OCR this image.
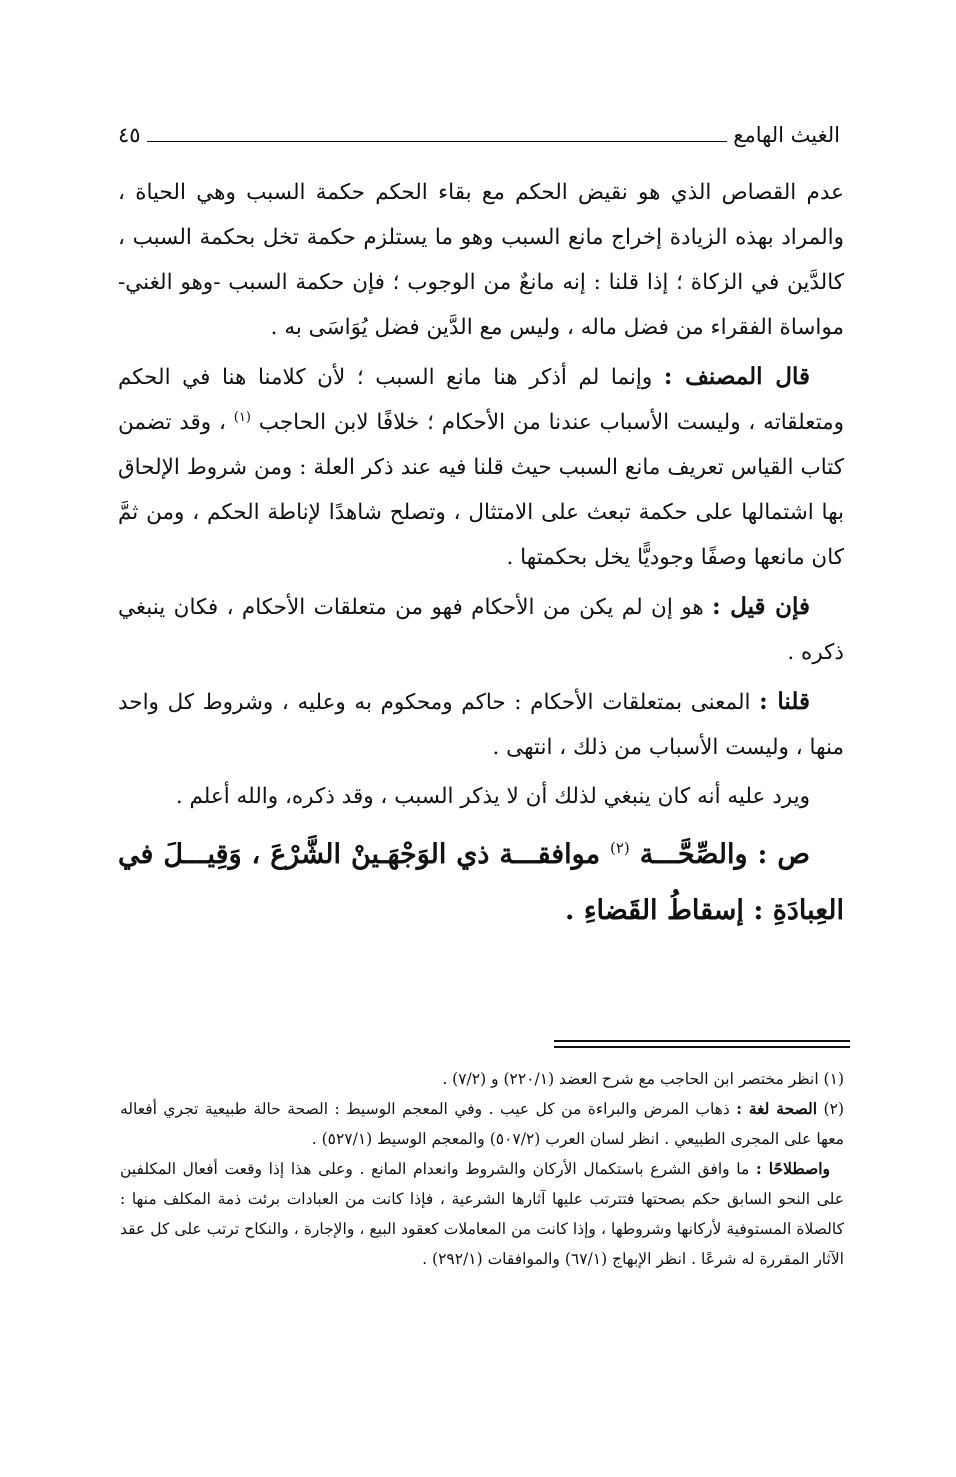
الغيث الهامع
٤٥

عدم القصاص الذي هو نقيض الحكم مع بقاء الحكم حكمة السبب وهي الحياة ، والمراد بهذه الزيادة إخراج مانع السبب وهو ما يستلزم حكمة تخل بحكمة السبب ، كالدَّين في الزكاة ؛ إذا قلنا : إنه مانعٌ من الوجوب ؛ فإن حكمة السبب -وهو الغني- مواساة الفقراء من فضل ماله ، وليس مع الدَّين فضل يُوَاسَى به .

قال المصنف : وإنما لم أذكر هنا مانع السبب ؛ لأن كلامنا هنا في الحكم ومتعلقاته ، وليست الأسباب عندنا من الأحكام ؛ خلافًا لابن الحاجب $^{(١)}$ ، وقد تضمن كتاب القياس تعريف مانع السبب حيث قلنا فيه عند ذكر العلة : ومن شروط الإلحاق بها اشتمالها على حكمة تبعث على الامتثال ، وتصلح شاهدًا لإناطة الحكم ، ومن ثمَّ كان مانعها وصفًا وجوديًّا يخل بحكمتها .

فإن قيل : هو إن لم يكن من الأحكام فهو من متعلقات الأحكام ، فكان ينبغي ذكره .

قلنا : المعنى بمتعلقات الأحكام : حاكم ومحكوم به وعليه ، وشروط كل واحد منها ، وليست الأسباب من ذلك ، انتهى .

ويرد عليه أنه كان ينبغي لذلك أن لا يذكر السبب ، وقد ذكره، والله أعلم .

ص : والصِّحَّـــة $^{(٢)}$ موافقـــة ذي الوَجْهَـينْ الشَّرْعَ ، وَقِيـــلَ في العِبادَةِ : إسقاطُ القَضاءِ .

(١) انظر مختصر ابن الحاجب مع شرح العضد (٢٢٠/١) و (٧/٢) .

(٢) الصحة لغة : ذهاب المرض والبراءة من كل عيب . وفي المعجم الوسيط : الصحة حالة طبيعية تجري أفعاله معها على المجرى الطبيعي . انظر لسان العرب (٥٠٧/٢) والمعجم الوسيط (٥٢٧/١) .

واصطلاحًا : ما وافق الشرع باستكمال الأركان والشروط وانعدام المانع . وعلى هذا إذا وقعت أفعال المكلفين على النحو السابق حكم بصحتها فتترتب عليها آثارها الشرعية ، فإذا كانت من العبادات برئت ذمة المكلف منها : كالصلاة المستوفية لأركانها وشروطها ، وإذا كانت من المعاملات كعقود البيع ، والإجارة ، والنكاح ترتب على كل عقد الآثار المقررة له شرعًا . انظر الإبهاج (٦٧/١) والموافقات (٢٩٢/١) .
